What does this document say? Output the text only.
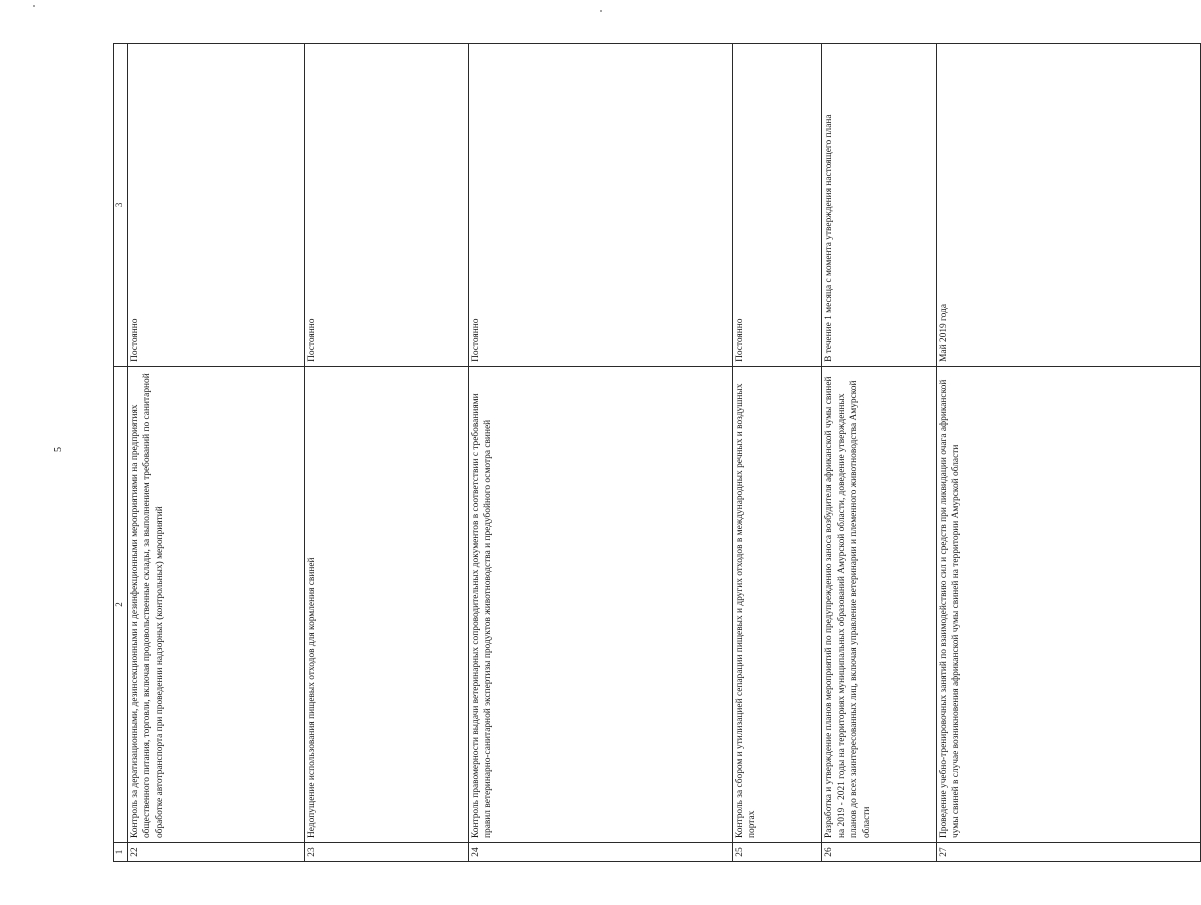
5
1	2	3	
22	Контроль за дератизационными, дезинсекционными и дезинфекционными мероприятиями на предприятиях общественного питания, торговли, включая продовольственные склады, за выполнением требований по санитарной обработке автотранспорта при проведении надзорных (контрольных) мероприятий	Постоянно	
23	Недопущение использования пищевых отходов для кормления свиней	Постоянно	
24	Контроль правомерности выдачи ветеринарных сопроводительных документов в соответствии с требованиями правил ветеринарно-санитарной экспертизы продуктов животноводства и предубойного осмотра свиней	Постоянно	
25	Контроль за сбором и утилизацией сепарации пищевых и других отходов в международных речных и воздушных портах	Постоянно	
26	Разработка и утверждение планов мероприятий по предупреждению заноса возбудителя африканской чумы свиней на 2019 - 2021 годы на территориях муниципальных образований Амурской области, доведение утвержденных планов до всех заинтересованных лиц, включая управление ветеринарии и племенного животноводства Амурской области	В течение 1 месяца с момента утверждения настоящего плана	
27	Проведение учебно-тренировочных занятий по взаимодействию сил и средств при ликвидации очага африканской чумы свиней в случае возникновения африканской чумы свиней на территории Амурской области	Май 2019 года	
